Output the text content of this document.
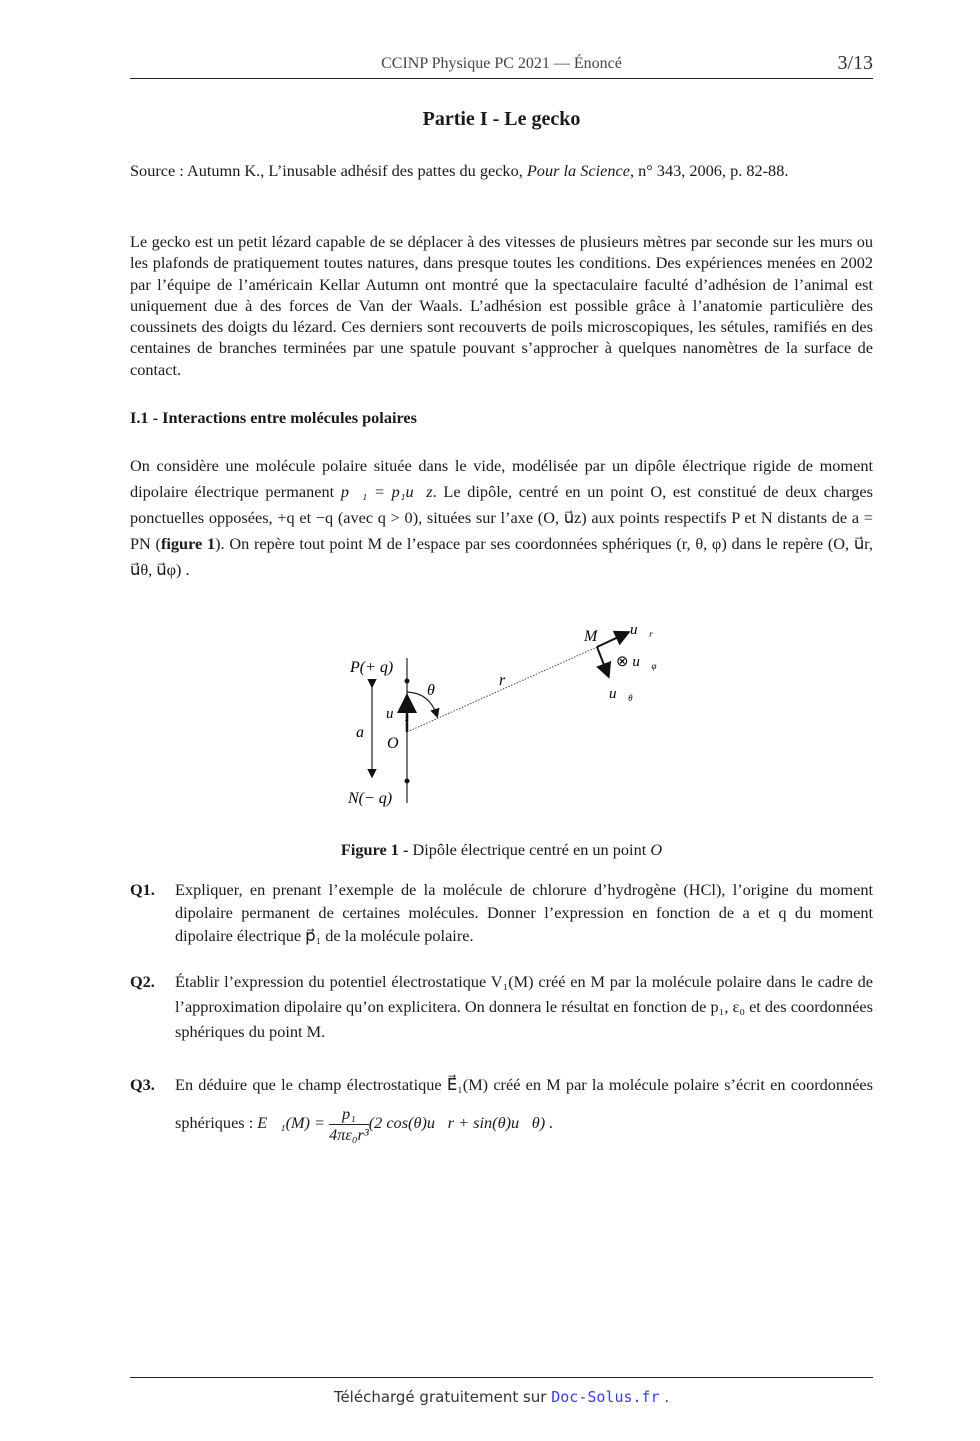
CCINP Physique PC 2021 — Énoncé	3/13
Partie I - Le gecko
Source : Autumn K., L’inusable adhésif des pattes du gecko, Pour la Science, n° 343, 2006, p. 82-88.
Le gecko est un petit lézard capable de se déplacer à des vitesses de plusieurs mètres par seconde sur les murs ou les plafonds de pratiquement toutes natures, dans presque toutes les conditions. Des expériences menées en 2002 par l’équipe de l’américain Kellar Autumn ont montré que la spectaculaire faculté d’adhésion de l’animal est uniquement due à des forces de Van der Waals. L’adhésion est possible grâce à l’anatomie particulière des coussinets des doigts du lézard. Ces derniers sont recouverts de poils microscopiques, les sétules, ramifiés en des centaines de branches terminées par une spatule pouvant s’approcher à quelques nanomètres de la surface de contact.
I.1 - Interactions entre molécules polaires
On considère une molécule polaire située dans le vide, modélisée par un dipôle électrique rigide de moment dipolaire électrique permanent p⃗₁ = p₁u⃗z. Le dipôle, centré en un point O, est constitué de deux charges ponctuelles opposées, +q et −q (avec q > 0), situées sur l’axe (O, u⃗z) aux points respectifs P et N distants de a = PN (figure 1). On repère tout point M de l’espace par ses coordonnées sphériques (r, θ, φ) dans le repère (O, u⃗r, u⃗θ, u⃗φ) .
P(+ q)
N(− q)
a
O
$u⃗_z$
θ
r
M $u⃗_r$
⊗ $u⃗_\varphi$
$u⃗_\theta$
Figure 1 - Dipôle électrique centré en un point O
Q1. Expliquer, en prenant l’exemple de la molécule de chlorure d’hydrogène (HCl), l’origine du moment dipolaire permanent de certaines molécules. Donner l’expression en fonction de a et q du moment dipolaire électrique p⃗₁ de la molécule polaire.
Q2. Établir l’expression du potentiel électrostatique V₁(M) créé en M par la molécule polaire dans le cadre de l’approximation dipolaire qu’on explicitera. On donnera le résultat en fonction de p₁, ε₀ et des coordonnées sphériques du point M.
Q3. En déduire que le champ électrostatique E⃗₁(M) créé en M par la molécule polaire s’écrit en coordonnées sphériques : E⃗₁(M) = $\frac{\text{p₁}}{\text{4πε₀r³}} (2$ cos(θ)u⃗r + sin(θ)u⃗θ) .
Téléchargé gratuitement sur Doc-Solus.fr .
